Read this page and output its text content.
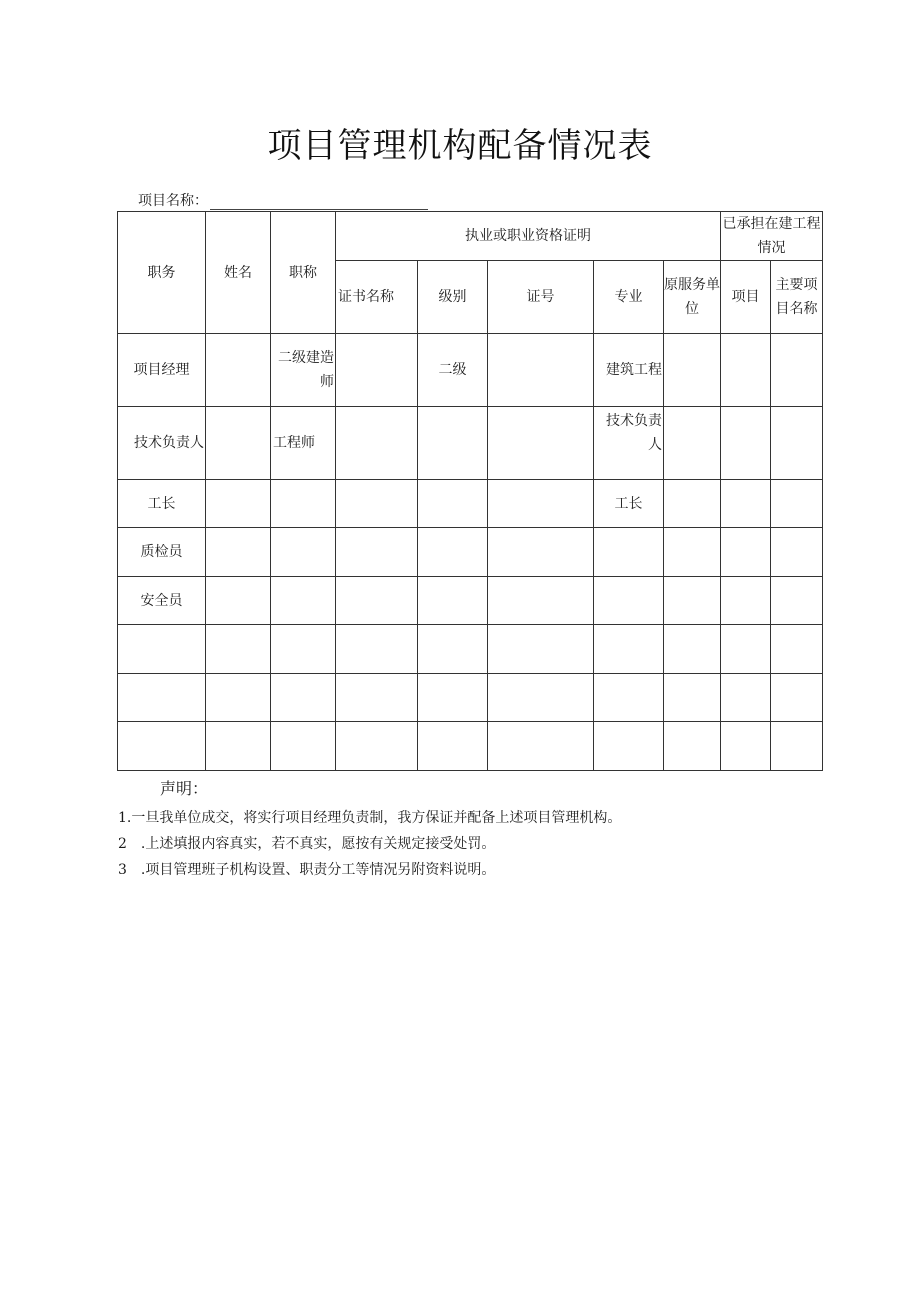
项目管理机构配备情况表
项目名称：
职务	姓名	职称	执业或职业资格证明					已承担在建工程情况	
			证书名称	级别	证号	专业	原服务单位	项目	主要项目名称
项目经理		二级建造师		二级		建筑工程			
技术负责人		工程师				技术负责人			
工长						工长			
质检员									
安全员									

声明：
1.一旦我单位成交，将实行项目经理负责制，我方保证并配备上述项目管理机构。
2　.上述填报内容真实，若不真实，愿按有关规定接受处罚。
3　.项目管理班子机构设置、职责分工等情况另附资料说明。
